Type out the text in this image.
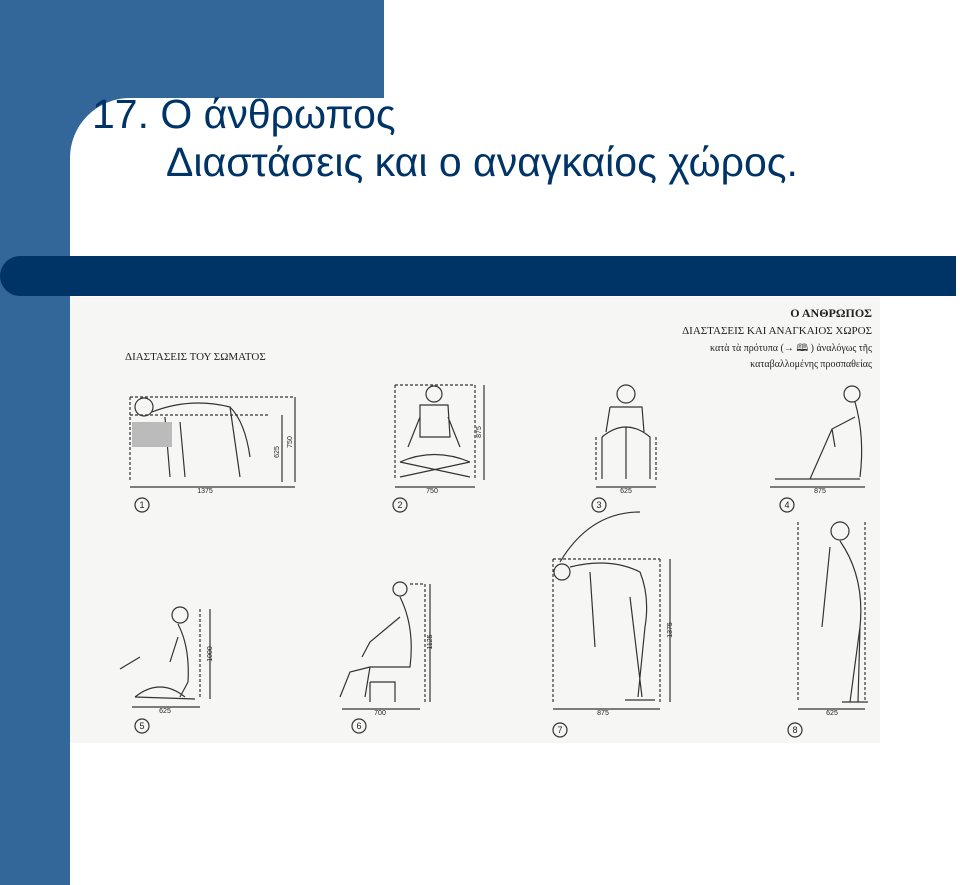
17. Ο άνθρωπος
Διαστάσεις και ο αναγκαίος χώρος.
ΔΙΑΣΤΑΣΕΙΣ ΤΟΥ ΣΩΜΑΤΟΣ
Ο ΑΝΘΡΩΠΟΣ
ΔΙΑΣΤΑΣΕΙΣ ΚΑΙ ΑΝΑΓΚΑΙΟΣ ΧΩΡΟΣ
κατὰ τὰ πρότυπα (→ 🕮 ) ἀναλόγως τῆς
καταβαλλομένης προσπαθείας
1	2	3	4
5	6	7	8
1375	750	625	875
625	700	875	625
625
750
875
1000
1125
1375
